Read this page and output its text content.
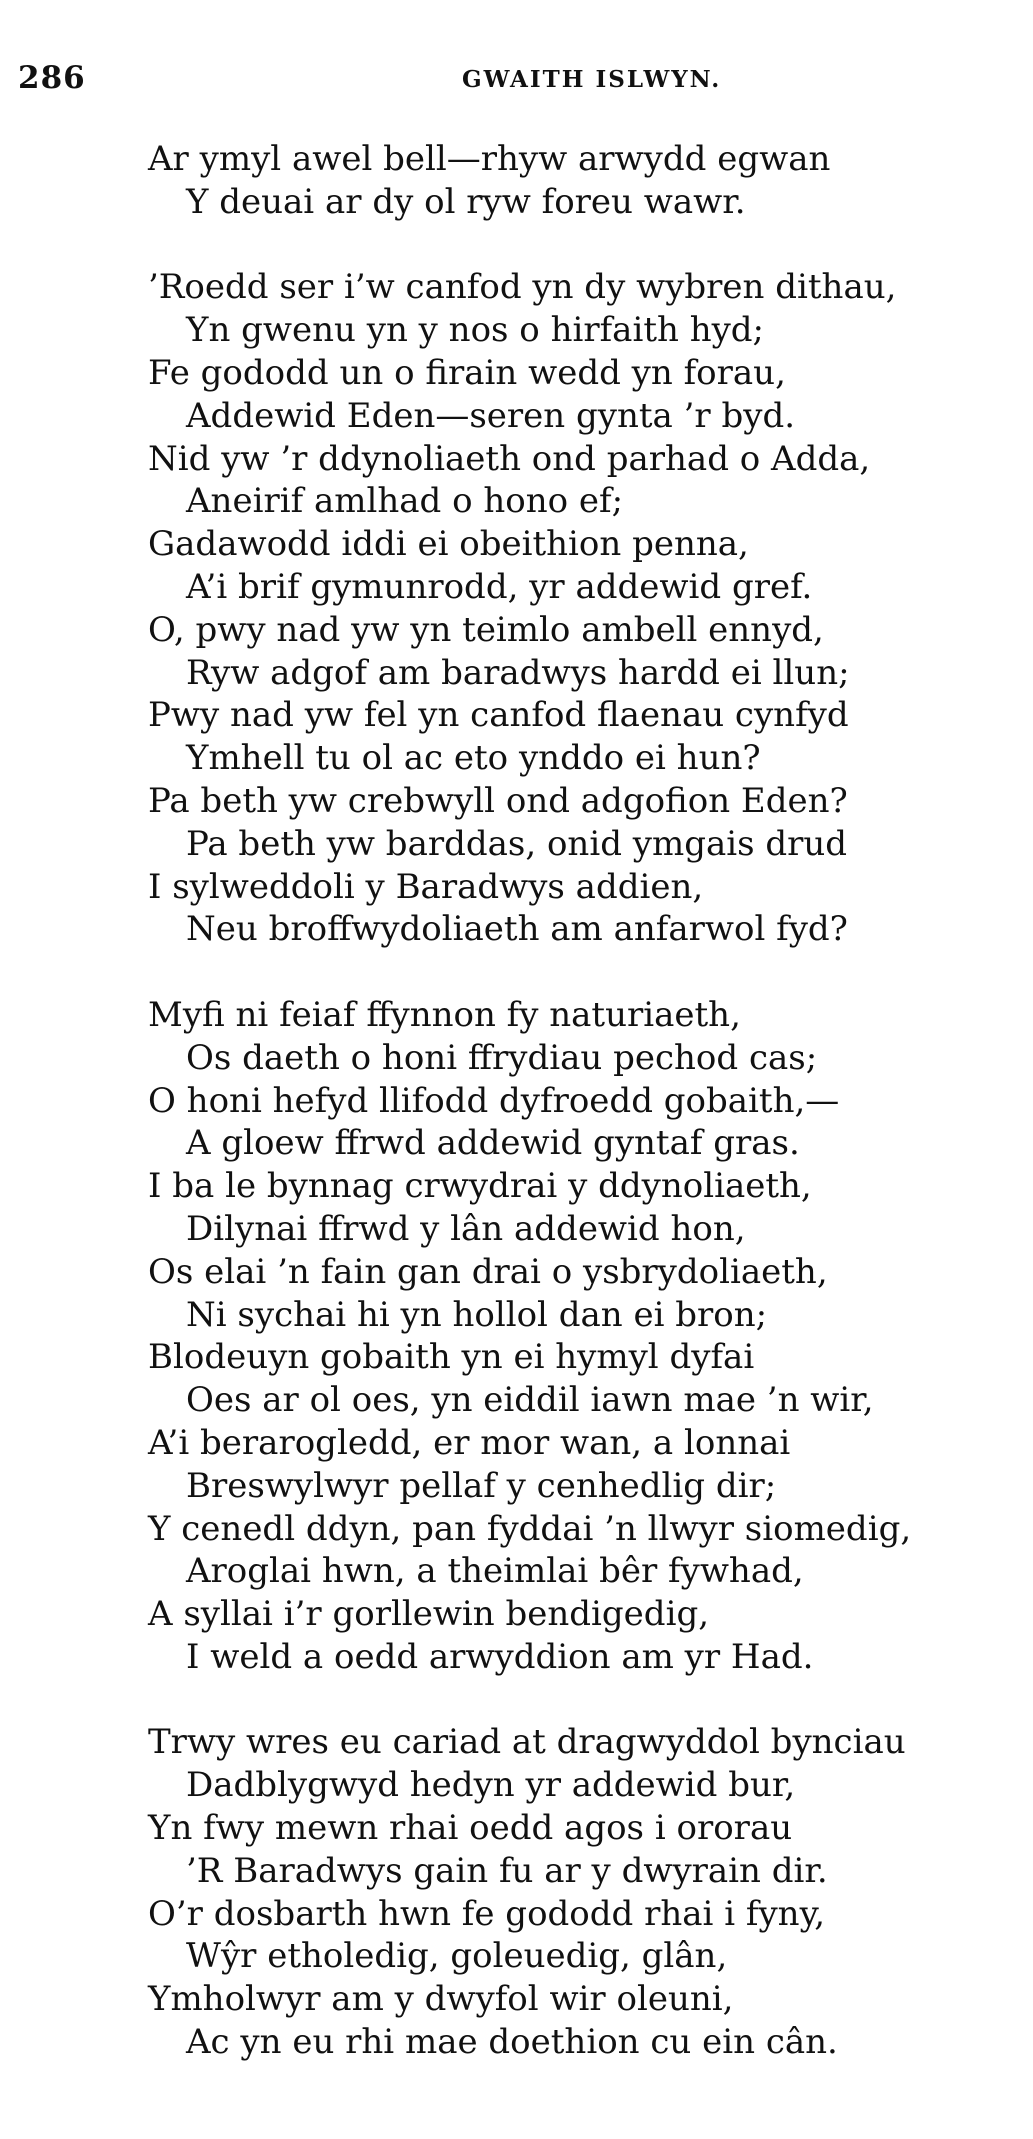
286	GWAITH ISLWYN.
Ar ymyl awel bell—rhyw arwydd egwan
Y deuai ar dy ol ryw foreu wawr.
’Roedd ser i’w canfod yn dy wybren dithau,
Yn gwenu yn y nos o hirfaith hyd;
Fe gododd un o firain wedd yn forau,
Addewid Eden—seren gynta ’r byd.
Nid yw ’r ddynoliaeth ond parhad o Adda,
Aneirif amlhad o hono ef;
Gadawodd iddi ei obeithion penna,
A’i brif gymunrodd, yr addewid gref.
O, pwy nad yw yn teimlo ambell ennyd,
Ryw adgof am baradwys hardd ei llun;
Pwy nad yw fel yn canfod flaenau cynfyd
Ymhell tu ol ac eto ynddo ei hun?
Pa beth yw crebwyll ond adgofion Eden?
Pa beth yw barddas, onid ymgais drud
I sylweddoli y Baradwys addien,
Neu broffwydoliaeth am anfarwol fyd?
Myfi ni feiaf ffynnon fy naturiaeth,
Os daeth o honi ffrydiau pechod cas;
O honi hefyd llifodd dyfroedd gobaith,—
A gloew ffrwd addewid gyntaf gras.
I ba le bynnag crwydrai y ddynoliaeth,
Dilynai ffrwd y lân addewid hon,
Os elai ’n fain gan drai o ysbrydoliaeth,
Ni sychai hi yn hollol dan ei bron;
Blodeuyn gobaith yn ei hymyl dyfai
Oes ar ol oes, yn eiddil iawn mae ’n wir,
A’i berarogledd, er mor wan, a lonnai
Breswylwyr pellaf y cenhedlig dir;
Y cenedl ddyn, pan fyddai ’n llwyr siomedig,
Aroglai hwn, a theimlai bêr fywhad,
A syllai i’r gorllewin bendigedig,
I weld a oedd arwyddion am yr Had.
Trwy wres eu cariad at dragwyddol bynciau
Dadblygwyd hedyn yr addewid bur,
Yn fwy mewn rhai oedd agos i ororau
’R Baradwys gain fu ar y dwyrain dir.
O’r dosbarth hwn fe gododd rhai i fyny,
Wŷr etholedig, goleuedig, glân,
Ymholwyr am y dwyfol wir oleuni,
Ac yn eu rhi mae doethion cu ein cân.
